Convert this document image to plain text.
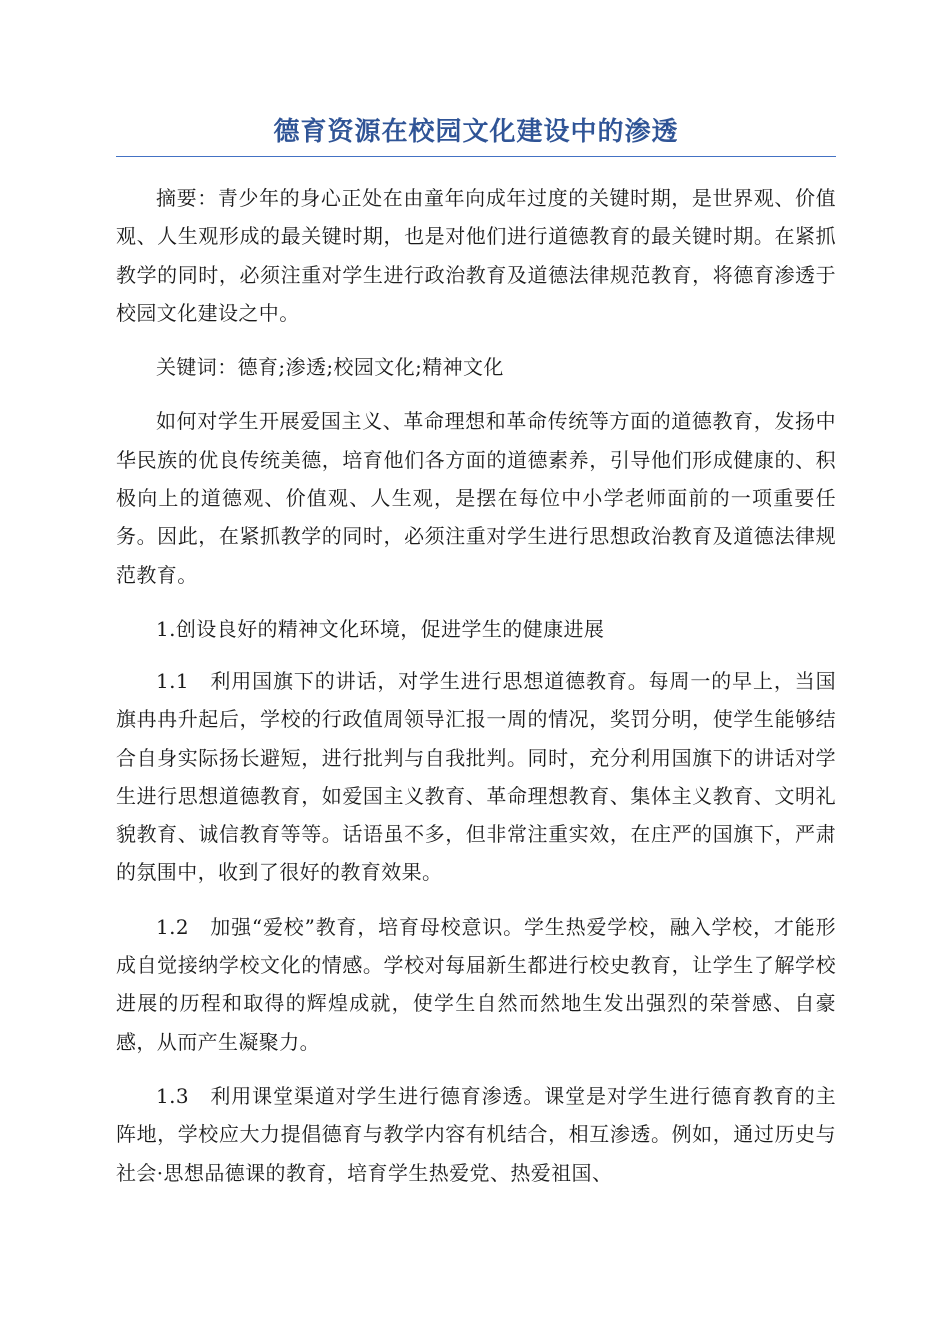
德育资源在校园文化建设中的渗透

摘要：青少年的身心正处在由童年向成年过度的关键时期，是世界观、价值观、人生观形成的最关键时期，也是对他们进行道德教育的最关键时期。在紧抓教学的同时，必须注重对学生进行政治教育及道德法律规范教育，将德育渗透于校园文化建设之中。

关键词：德育;渗透;校园文化;精神文化

如何对学生开展爱国主义、革命理想和革命传统等方面的道德教育，发扬中华民族的优良传统美德，培育他们各方面的道德素养，引导他们形成健康的、积极向上的道德观、价值观、人生观，是摆在每位中小学老师面前的一项重要任务。因此，在紧抓教学的同时，必须注重对学生进行思想政治教育及道德法律规范教育。

1.创设良好的精神文化环境，促进学生的健康进展

1.1　利用国旗下的讲话，对学生进行思想道德教育。每周一的早上，当国旗冉冉升起后，学校的行政值周领导汇报一周的情况，奖罚分明，使学生能够结合自身实际扬长避短，进行批判与自我批判。同时，充分利用国旗下的讲话对学生进行思想道德教育，如爱国主义教育、革命理想教育、集体主义教育、文明礼貌教育、诚信教育等等。话语虽不多，但非常注重实效，在庄严的国旗下，严肃的氛围中，收到了很好的教育效果。

1.2　加强“爱校”教育，培育母校意识。学生热爱学校，融入学校，才能形成自觉接纳学校文化的情感。学校对每届新生都进行校史教育，让学生了解学校进展的历程和取得的辉煌成就，使学生自然而然地生发出强烈的荣誉感、自豪感，从而产生凝聚力。

1.3　利用课堂渠道对学生进行德育渗透。课堂是对学生进行德育教育的主阵地，学校应大力提倡德育与教学内容有机结合，相互渗透。例如，通过历史与社会·思想品德课的教育，培育学生热爱党、热爱祖国、
